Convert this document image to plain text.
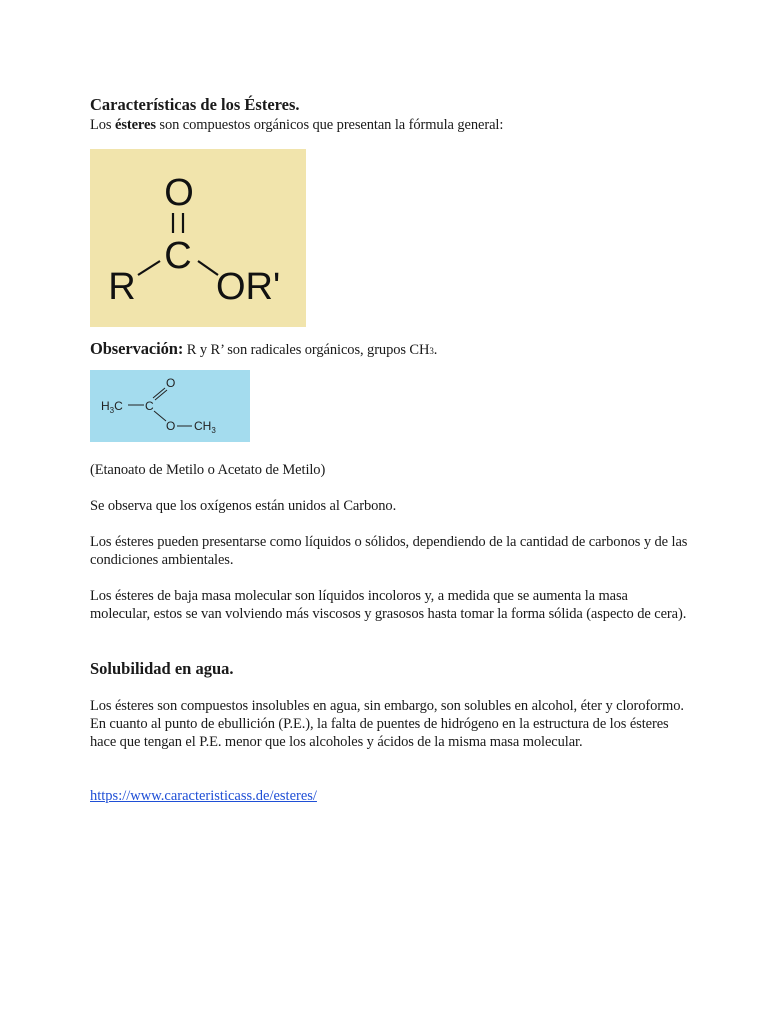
Características de los Ésteres.

Los ésteres son compuestos orgánicos que presentan la fórmula general:

O
C
R OR'

Observación: R y R’ son radicales orgánicos, grupos CH3.

$H_3C$ C
O
O $CH_3$

(Etanoato de Metilo o Acetato de Metilo)

Se observa que los oxígenos están unidos al Carbono.

Los ésteres pueden presentarse como líquidos o sólidos, dependiendo de la cantidad de carbonos y de las condiciones ambientales.

Los ésteres de baja masa molecular son líquidos incoloros y, a medida que se aumenta la masa molecular, estos se van volviendo más viscosos y grasosos hasta tomar la forma sólida (aspecto de cera).

Solubilidad en agua.

Los ésteres son compuestos insolubles en agua, sin embargo, son solubles en alcohol, éter y cloroformo. En cuanto al punto de ebullición (P.E.), la falta de puentes de hidrógeno en la estructura de los ésteres hace que tengan el P.E. menor que los alcoholes y ácidos de la misma masa molecular.

https://www.caracteristicass.de/esteres/
